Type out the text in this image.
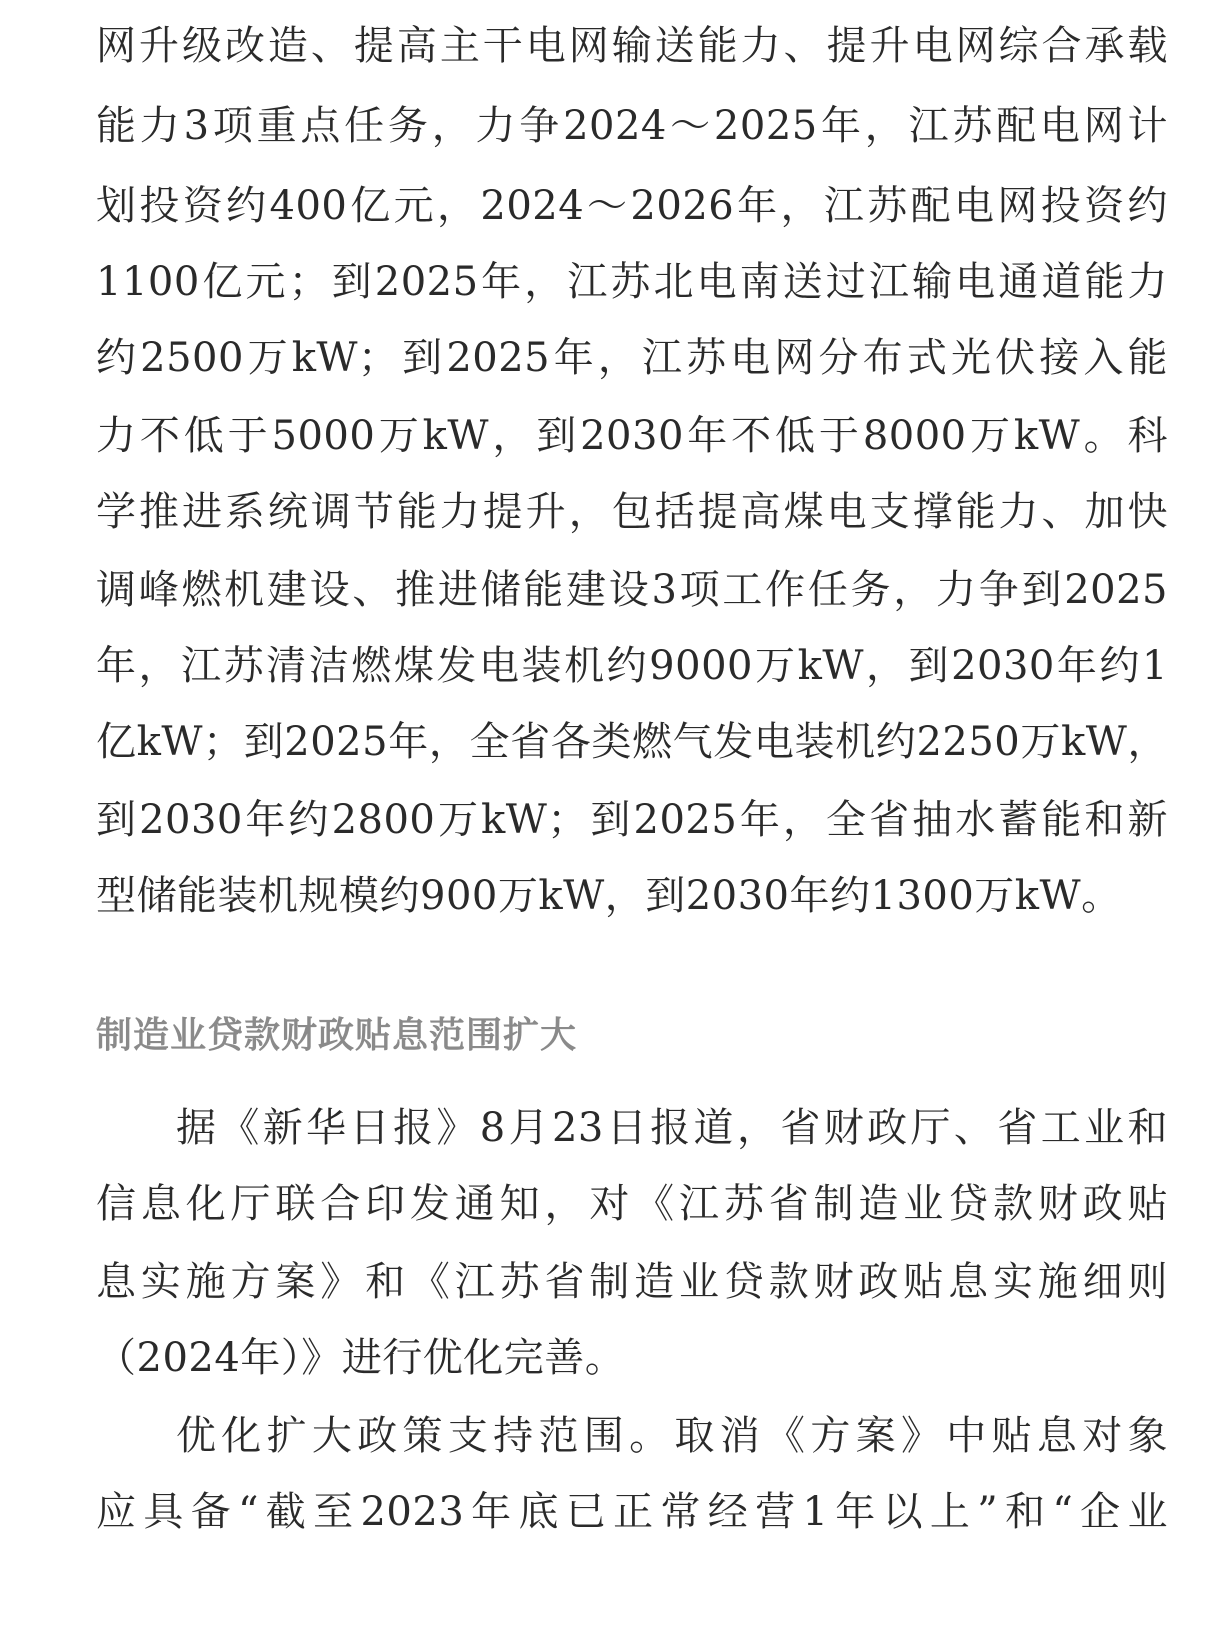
网升级改造、提高主干电网输送能力、提升电网综合承载
能力3项重点任务，力争2024～2025年，江苏配电网计
划投资约400亿元，2024～2026年，江苏配电网投资约
1100亿元；到2025年，江苏北电南送过江输电通道能力
约2500万kW；到2025年，江苏电网分布式光伏接入能
力不低于5000万kW，到2030年不低于8000万kW。科
学推进系统调节能力提升，包括提高煤电支撑能力、加快
调峰燃机建设、推进储能建设3项工作任务，力争到2025
年，江苏清洁燃煤发电装机约9000万kW，到2030年约1
亿kW；到2025年，全省各类燃气发电装机约2250万kW，
到2030年约2800万kW；到2025年，全省抽水蓄能和新
型储能装机规模约900万kW，到2030年约1300万kW。
制造业贷款财政贴息范围扩大
据《新华日报》8月23日报道，省财政厅、省工业和
信息化厅联合印发通知，对《江苏省制造业贷款财政贴
息实施方案》和《江苏省制造业贷款财政贴息实施细则
（2024年）》进行优化完善。
优化扩大政策支持范围。取消《方案》中贴息对象
应具备“截至2023年底已正常经营1年以上”和“企业
